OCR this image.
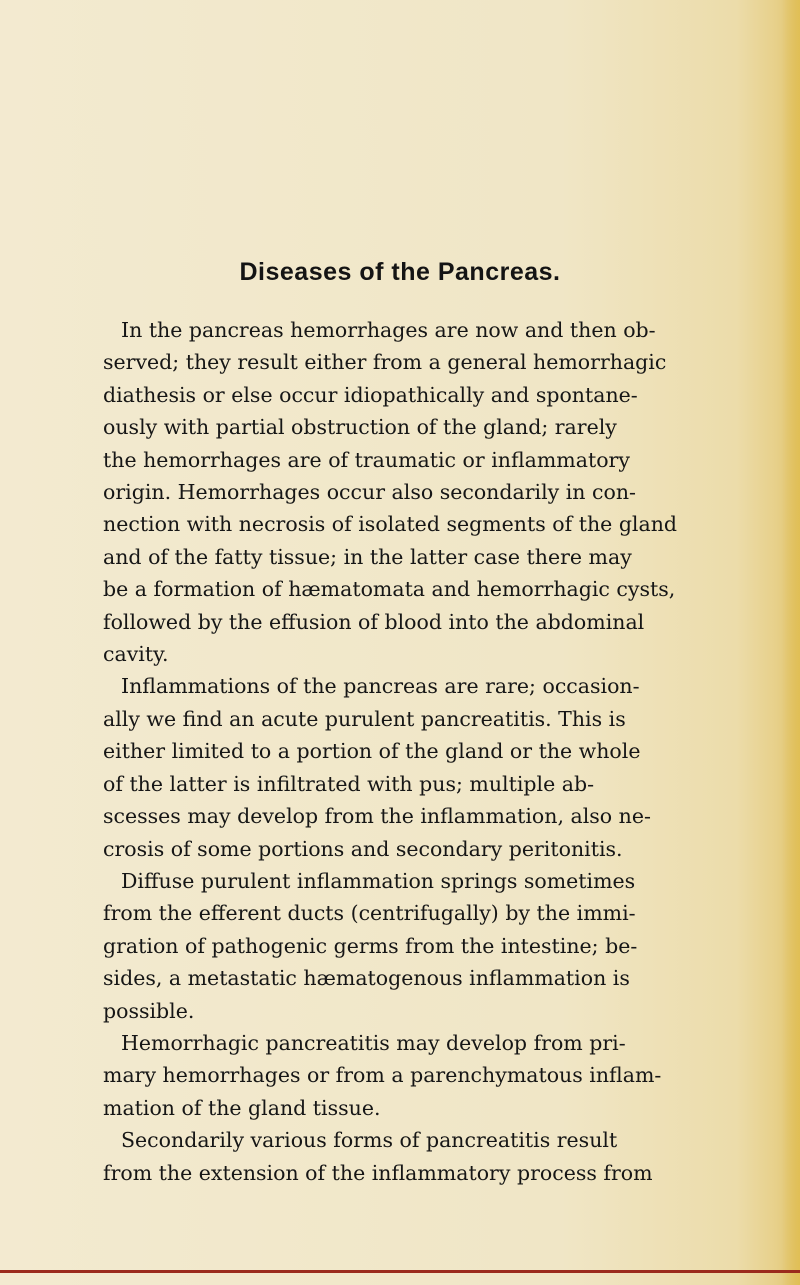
Diseases of the Pancreas.
In the pancreas hemorrhages are now and then ob-
served; they result either from a general hemorrhagic
diathesis or else occur idiopathically and spontane-
ously with partial obstruction of the gland; rarely
the hemorrhages are of traumatic or inflammatory
origin. Hemorrhages occur also secondarily in con-
nection with necrosis of isolated segments of the gland
and of the fatty tissue; in the latter case there may
be a formation of hæmatomata and hemorrhagic cysts,
followed by the effusion of blood into the abdominal
cavity.
Inflammations of the pancreas are rare; occasion-
ally we find an acute purulent pancreatitis. This is
either limited to a portion of the gland or the whole
of the latter is infiltrated with pus; multiple ab-
scesses may develop from the inflammation, also ne-
crosis of some portions and secondary peritonitis.
Diffuse purulent inflammation springs sometimes
from the efferent ducts (centrifugally) by the immi-
gration of pathogenic germs from the intestine; be-
sides, a metastatic hæmatogenous inflammation is
possible.
Hemorrhagic pancreatitis may develop from pri-
mary hemorrhages or from a parenchymatous inflam-
mation of the gland tissue.
Secondarily various forms of pancreatitis result
from the extension of the inflammatory process from
